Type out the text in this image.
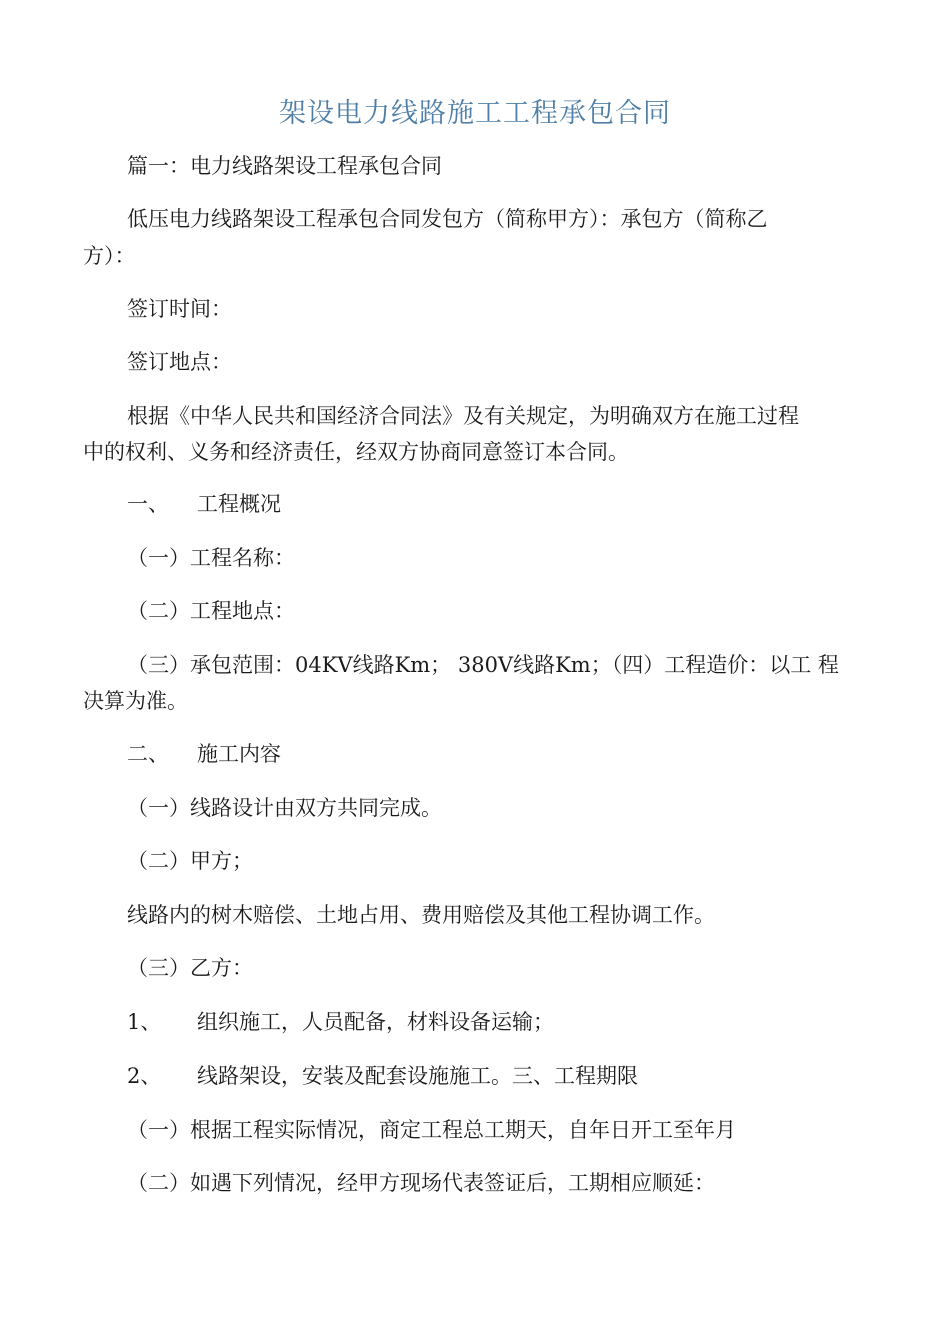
架设电力线路施工工程承包合同
篇一：电力线路架设工程承包合同
低压电力线路架设工程承包合同发包方（简称甲方）：承包方（简称乙
方）：
签订时间：
签订地点：
根据《中华人民共和国经济合同法》及有关规定，为明确双方在施工过程
中的权利、义务和经济责任，经双方协商同意签订本合同。
一、 工程概况
（一）工程名称：
（二）工程地点：
（三）承包范围：04KV线路Km； 380V线路Km；（四）工程造价：以工 程
决算为准。
二、 施工内容
（一）线路设计由双方共同完成。
（二）甲方；
线路内的树木赔偿、土地占用、费用赔偿及其他工程协调工作。
（三）乙方：
1、 组织施工，人员配备，材料设备运输；
2、 线路架设，安装及配套设施施工。三、工程期限
（一）根据工程实际情况，商定工程总工期天，自年日开工至年月
（二）如遇下列情况，经甲方现场代表签证后，工期相应顺延：
